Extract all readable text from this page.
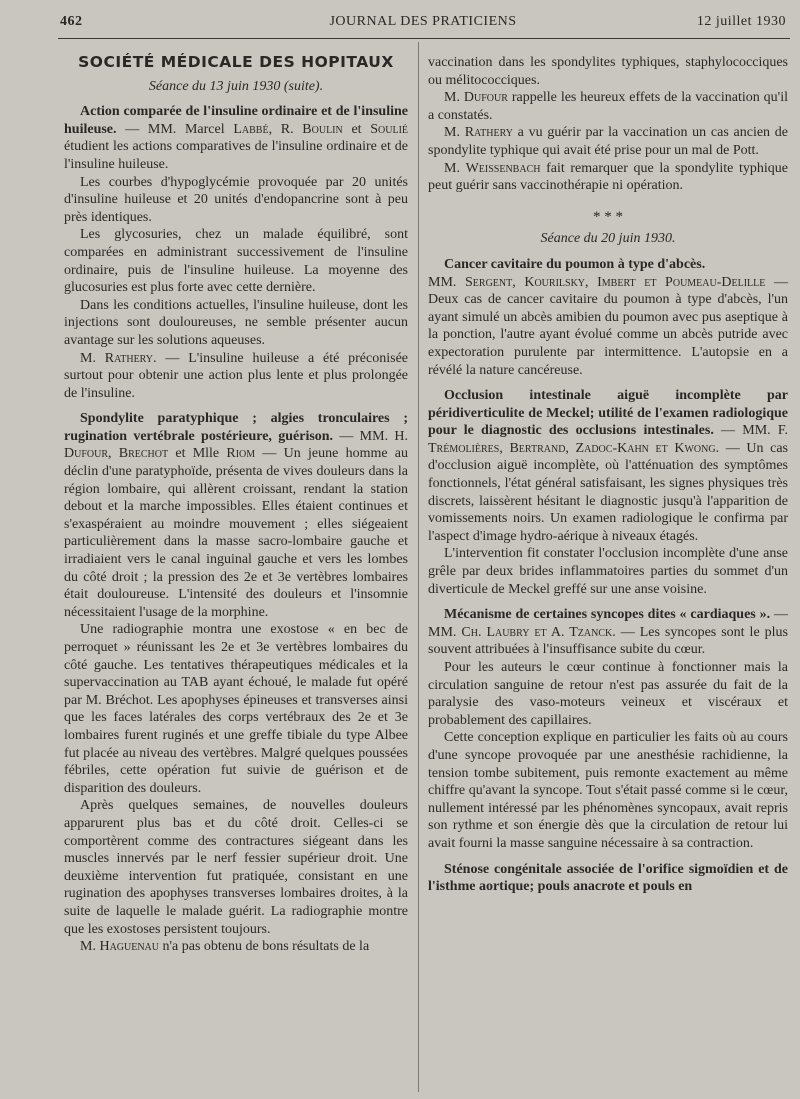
462	JOURNAL DES PRATICIENS	12 juillet 1930
SOCIÉTÉ MÉDICALE DES HOPITAUX
Séance du 13 juin 1930 (suite).

Action comparée de l'insuline ordinaire et de l'insuline huileuse. — MM. Marcel Labbé, R. Boulin et Soulié étudient les actions comparatives de l'insuline ordinaire et de l'insuline huileuse.

Les courbes d'hypoglycémie provoquée par 20 unités d'insuline huileuse et 20 unités d'endopancrine sont à peu près identiques.

Les glycosuries, chez un malade équilibré, sont comparées en administrant successivement de l'insuline ordinaire, puis de l'insuline huileuse. La moyenne des glucosuries est plus forte avec cette dernière.

Dans les conditions actuelles, l'insuline huileuse, dont les injections sont douloureuses, ne semble présenter aucun avantage sur les solutions aqueuses.

M. Rathery. — L'insuline huileuse a été préconisée surtout pour obtenir une action plus lente et plus prolongée de l'insuline.

Spondylite paratyphique ; algies tronculaires ; rugination vertébrale postérieure, guérison. — MM. H. Dufour, Brechot et Mlle Riom — Un jeune homme au déclin d'une paratyphoïde, présenta de vives douleurs dans la région lombaire, qui allèrent croissant, rendant la station debout et la marche impossibles. Elles étaient continues et s'exaspéraient au moindre mouvement ; elles siégeaient particulièrement dans la masse sacro-lombaire gauche et irradiaient vers le canal inguinal gauche et vers les lombes du côté droit ; la pression des 2e et 3e vertèbres lombaires était douloureuse. L'intensité des douleurs et l'insomnie nécessitaient l'usage de la morphine.

Une radiographie montra une exostose « en bec de perroquet » réunissant les 2e et 3e vertèbres lombaires du côté gauche. Les tentatives thérapeutiques médicales et la supervaccination au TAB ayant échoué, le malade fut opéré par M. Bréchot. Les apophyses épineuses et transverses ainsi que les faces latérales des corps vertébraux des 2e et 3e lombaires furent ruginés et une greffe tibiale du type Albee fut placée au niveau des vertèbres. Malgré quelques poussées fébriles, cette opération fut suivie de guérison et de disparition des douleurs.

Après quelques semaines, de nouvelles douleurs apparurent plus bas et du côté droit. Celles-ci se comportèrent comme des contractures siégeant dans les muscles innervés par le nerf fessier supérieur droit. Une deuxième intervention fut pratiquée, consistant en une rugination des apophyses transverses lombaires droites, à la suite de laquelle le malade guérit. La radiographie montre que les exostoses persistent toujours.

M. Haguenau n'a pas obtenu de bons résultats de la

vaccination dans les spondylites typhiques, staphylococciques ou mélitococciques.

M. Dufour rappelle les heureux effets de la vaccination qu'il a constatés.

M. Rathery a vu guérir par la vaccination un cas ancien de spondylite typhique qui avait été prise pour un mal de Pott.

M. Weissenbach fait remarquer que la spondylite typhique peut guérir sans vaccinothérapie ni opération.

* * *
Séance du 20 juin 1930.

Cancer cavitaire du poumon à type d'abcès.

MM. Sergent, Kourilsky, Imbert et Poumeau-Delille — Deux cas de cancer cavitaire du poumon à type d'abcès, l'un ayant simulé un abcès amibien du poumon avec pus aseptique à la ponction, l'autre ayant évolué comme un abcès putride avec expectoration purulente par intermittence. L'autopsie en a révélé la nature cancéreuse.

Occlusion intestinale aiguë incomplète par péridiverticulite de Meckel; utilité de l'examen radiologique pour le diagnostic des occlusions intestinales. — MM. F. Trémolières, Bertrand, Zadoc-Kahn et Kwong. — Un cas d'occlusion aiguë incomplète, où l'atténuation des symptômes fonctionnels, l'état général satisfaisant, les signes physiques très discrets, laissèrent hésitant le diagnostic jusqu'à l'apparition de vomissements noirs. Un examen radiologique le confirma par l'aspect d'image hydro-aérique à niveaux étagés.

L'intervention fit constater l'occlusion incomplète d'une anse grêle par deux brides inflammatoires parties du sommet d'un diverticule de Meckel greffé sur une anse voisine.

Mécanisme de certaines syncopes dites « cardiaques ». — MM. Ch. Laubry et A. Tzanck. — Les syncopes sont le plus souvent attribuées à l'insuffisance subite du cœur.

Pour les auteurs le cœur continue à fonctionner mais la circulation sanguine de retour n'est pas assurée du fait de la paralysie des vaso-moteurs veineux et viscéraux et probablement des capillaires.

Cette conception explique en particulier les faits où au cours d'une syncope provoquée par une anesthésie rachidienne, la tension tombe subitement, puis remonte exactement au même chiffre qu'avant la syncope. Tout s'était passé comme si le cœur, nullement intéressé par les phénomènes syncopaux, avait repris son rythme et son énergie dès que la circulation de retour lui avait fourni la masse sanguine nécessaire à sa contraction.

Sténose congénitale associée de l'orifice sigmoïdien et de l'isthme aortique; pouls anacrote et pouls en
